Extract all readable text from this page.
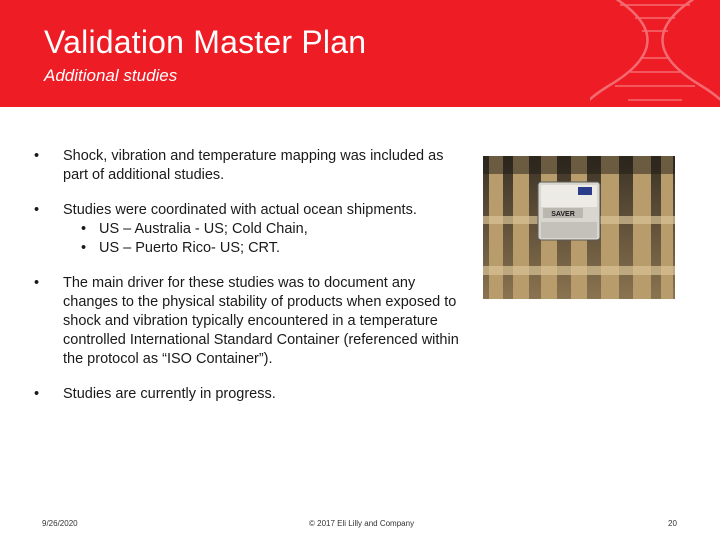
Validation Master Plan
Additional studies
• Shock, vibration and temperature mapping was included as part of additional studies.
• Studies were coordinated with actual ocean shipments.
• US – Australia - US; Cold Chain,
• US – Puerto Rico- US; CRT.
• The main driver for these studies was to document any changes to the physical stability of products when exposed to shock and vibration typically encountered in a temperature controlled International Standard Container (referenced within the protocol as “ISO Container”).
• Studies are currently in progress.
SAVER
9/26/2020	© 2017 Eli Lilly and Company	20
